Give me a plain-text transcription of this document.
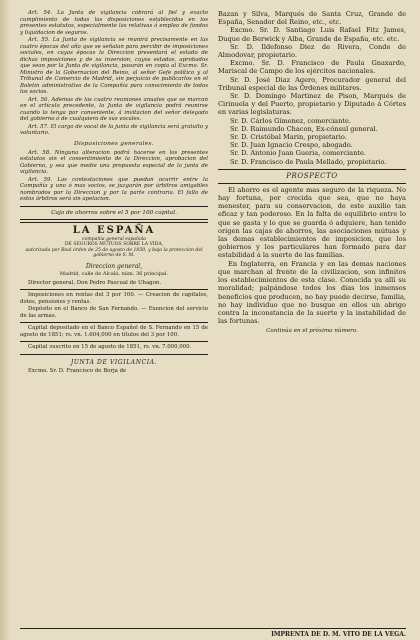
Art. 54. La Junta de vigilancia cobrará al fiel y exacto cumplimiento de todas las disposiciones establecidas en los presentes estatutos, especialmente las relativas á empleo de fondos y liquidacion de seguros.

Art. 55. La Junta de vigilancia se reunirá precisamente en las cuatro épocas del año que se señalan para percibir de imposiciones sociales, en cuyas épocas la Direccion presentará el estado de dichas imposiciones y de su inversion, cuyos estados, aprobados que sean por la Junta de vigilancia, pasarán en copia al Excmo. Sr. Ministro de la Gobernacion del Reino, al señor Gefe político y al Tribunal de Comercio de Madrid, sin perjuicio de publicarlos en el Boletin administrativo de la Compañía para conocimiento de todos los socios.

Art. 56. Ademas de las cuatro reuniones anuales que se marcan en el artículo precedente, la Junta de vigilancia podrá reunirse cuando lo tenga por conveniente, á invitacion del señor delegado del gobierno ó de cualquiera de sus vocales.

Art. 57. El cargo de vocal de la junta de vigilancia será gratuito y voluntario.

Disposiciones generales.

Art. 58. Ninguna alteracion podrá hacerse en los presentes estatutos sin el consentimiento de la Direccion, aprobacion del Gobierno, y sea que medie una propuesta especial de la junta de vigilancia.

Art. 59. Las contestaciones que puedan ocurrir entre la Compañía y uno ó mas socios, se juzgarán por árbitros amigables nombrados por la Direccion y por la parte contraria. El fallo de estos árbitros será sin apelacion.

Caja de ahorros sobre el 5 por 100 capital.
LA ESPAÑA
compañía general española
DE SEGUROS MUTUOS SOBRE LA VIDA,
autorizada por Real órden de 25 de agosto de 1850, y bajo la proteccion del gobierno de S. M.
Direccion general,
Madrid, calle de Alcalá, núm. 36 principal.

Director general, Don Pedro Pascual de Uhagon.

Imposiciones en rentas del 3 por 100. — Creacion de capitales, dotes, pensiones y rentas.

Depósito en el Banco de San Fernando. — Exencion del servicio de las armas.

Capital depositado en el Banco Español de S. Fernando en 15 de agosto de 1851; rs. vn. 1.604,000 en títulos del 3 por 100.

Capital suscrito en 15 de agosto de 1851, rs. vn. 7.000,000.

JUNTA DE VIGILANCIA.

Excmo. Sr. D. Francisco de Borja de

Bazan y Silva, Marqués de Santa Cruz, Grande de España, Senador del Reino, etc., etc.

Excmo. Sr. D. Santiago Luis Rafael Fitz James, Duque de Berwick y Alba, Grande de España, etc. etc.

Sr. D. Ildefonso Diez de Rivera, Conde de Almodovar, propietario.

Excmo. Sr. D. Francisco de Paula Gnaxardo, Mariscal de Campo de los ejércitos nacionales.

Sr. D. José Diaz Agero, Procurador general del Tribunal especial de las Órdenes militares.

Sr. D. Domingo Martinez de Pison, Marqués de Cirinuela y del Puerto, propietario y Diputado á Córtes en varias legislaturas.

Sr. D. Cárlos Gimenez, comerciante.

Sr. D. Raimundo Chacon, Ex-cónsul general.

Sr. D. Cristóbal Marin, propietario.

Sr. D. Juan Ignacio Crespo, abogado.

Sr. D. Antonio Juan Gueria, comerciante.

Sr. D. Francisco de Paula Mellado, propietario.

PROSPECTO

El ahorro es el agente mas seguro de la riqueza. No hay fortuna, por crecida que sea, que no haya menester, para su conservacion, de este auxilio tan eficaz y tan poderoso. En la falta de equilibrio entre lo que se gasta y lo que se guarda ó adquiere, han tenido origen las cajas de ahorros, las asociaciones mútuas y las demas establecimientos de imposicion, que los gobiernos y los particulares han formado para dar estabilidad á la suerte de las familias.

En Inglaterra, en Francia y en las demas naciones que marchan al frente de la civilizacion, son infinitos los establecimientos de esta clase. Conocida ya allí su moralidad; palpándose todos los dias los inmensos beneficios que producen, no hay puede decirse, familia, no hay individuo que no busque en ellos un abrigo contra la inconstancia de la suerte y la instabilidad de las fortunas.

Continúa en el próximo número.
IMPRENTA DE D. M. VITO DE LA VEGA.
